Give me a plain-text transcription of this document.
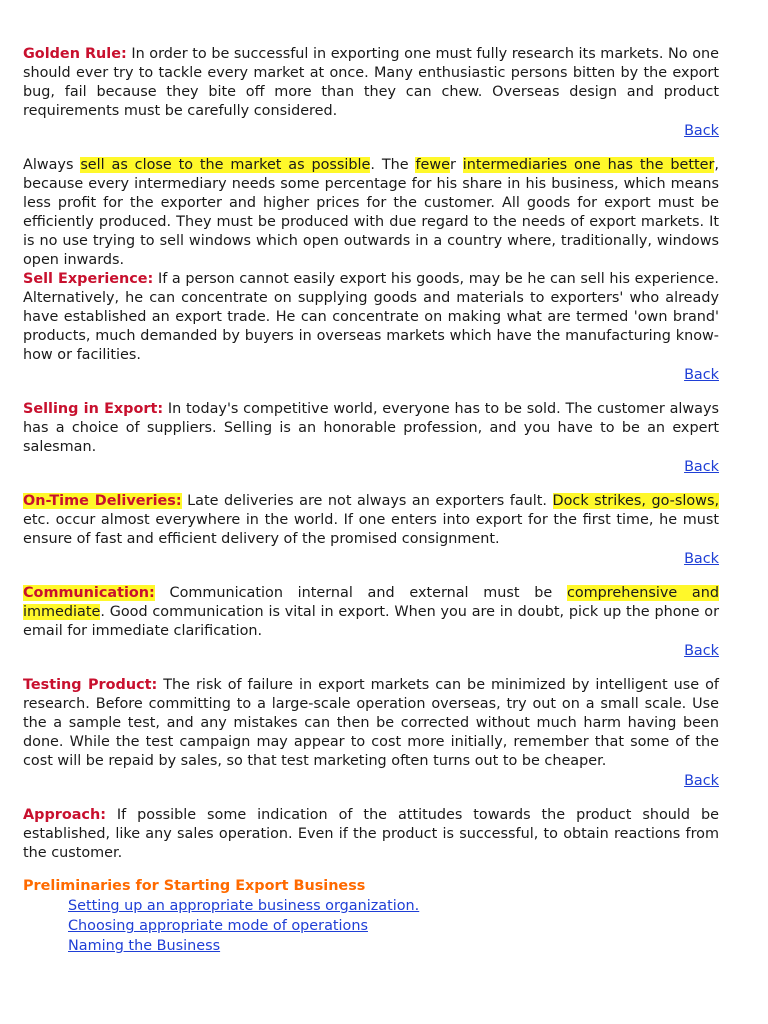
Golden Rule: In order to be successful in exporting one must fully research its markets. No one should ever try to tackle every market at once. Many enthusiastic persons bitten by the export bug, fail because they bite off more than they can chew. Overseas design and product requirements must be carefully considered.

Back

Always sell as close to the market as possible. The fewer intermediaries one has the better, because every intermediary needs some percentage for his share in his business, which means less profit for the exporter and higher prices for the customer. All goods for export must be efficiently produced. They must be produced with due regard to the needs of export markets. It is no use trying to sell windows which open outwards in a country where, traditionally, windows open inwards.

Sell Experience: If a person cannot easily export his goods, may be he can sell his experience. Alternatively, he can concentrate on supplying goods and materials to exporters' who already have established an export trade. He can concentrate on making what are termed 'own brand' products, much demanded by buyers in overseas markets which have the manufacturing know-how or facilities.

Back

Selling in Export: In today's competitive world, everyone has to be sold. The customer always has a choice of suppliers. Selling is an honorable profession, and you have to be an expert salesman.

Back

On-Time Deliveries: Late deliveries are not always an exporters fault. Dock strikes, go-slows, etc. occur almost everywhere in the world. If one enters into export for the first time, he must ensure of fast and efficient delivery of the promised consignment.

Back

Communication: Communication internal and external must be comprehensive and immediate. Good communication is vital in export. When you are in doubt, pick up the phone or email for immediate clarification.

Back

Testing Product: The risk of failure in export markets can be minimized by intelligent use of research. Before committing to a large-scale operation overseas, try out on a small scale. Use the a sample test, and any mistakes can then be corrected without much harm having been done. While the test campaign may appear to cost more initially, remember that some of the cost will be repaid by sales, so that test marketing often turns out to be cheaper.

Back

Approach: If possible some indication of the attitudes towards the product should be established, like any sales operation. Even if the product is successful, to obtain reactions from the customer.

Preliminaries for Starting Export Business
Setting up an appropriate business organization.
Choosing appropriate mode of operations
Naming the Business
